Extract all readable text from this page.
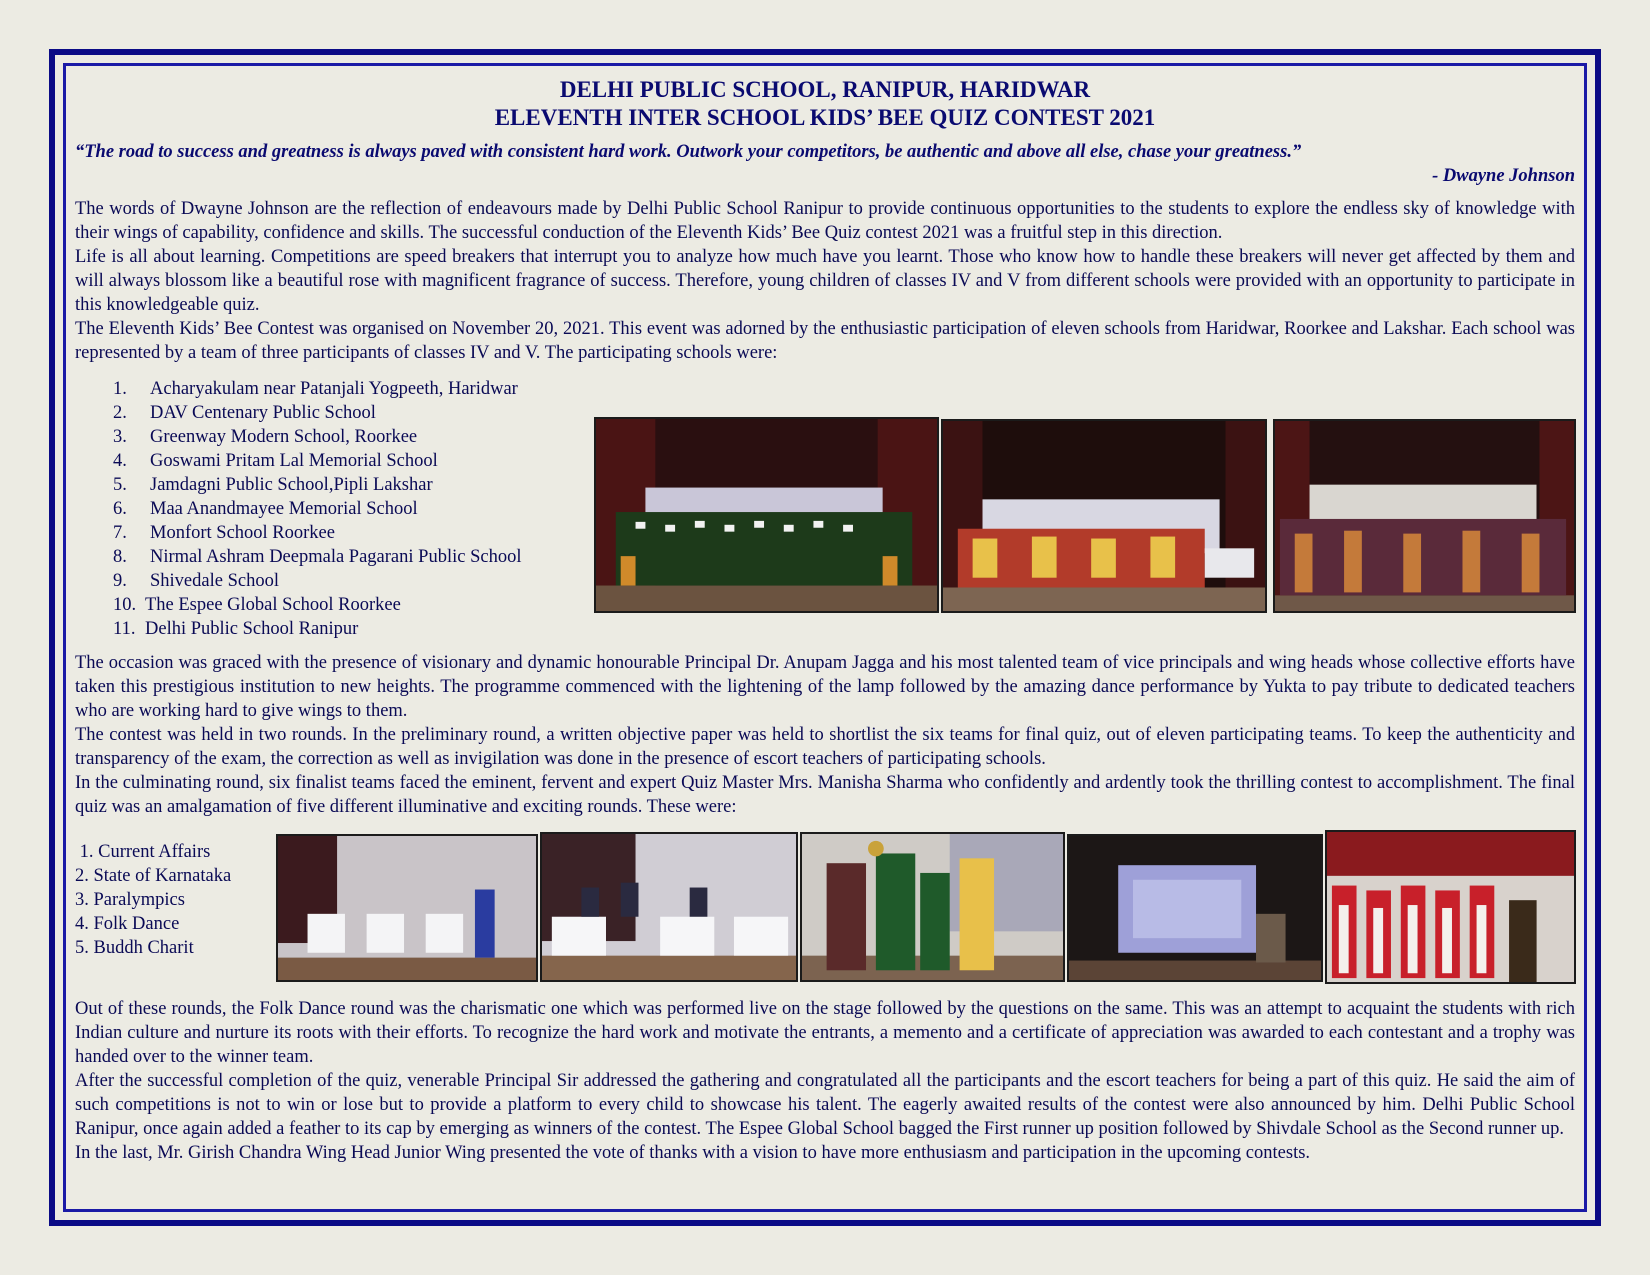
DELHI PUBLIC SCHOOL, RANIPUR, HARIDWAR
ELEVENTH INTER SCHOOL KIDS’ BEE QUIZ CONTEST 2021
“The road to success and greatness is always paved with consistent hard work. Outwork your competitors, be authentic and above all else, chase your greatness.”
- Dwayne Johnson

The words of Dwayne Johnson are the reflection of endeavours made by Delhi Public School Ranipur to provide continuous opportunities to the students to explore the endless sky of knowledge with their wings of capability, confidence and skills. The successful conduction of the Eleventh Kids’ Bee Quiz contest 2021 was a fruitful step in this direction.

Life is all about learning. Competitions are speed breakers that interrupt you to analyze how much have you learnt. Those who know how to handle these breakers will never get affected by them and will always blossom like a beautiful rose with magnificent fragrance of success. Therefore, young children of classes IV and V from different schools were provided with an opportunity to participate in this knowledgeable quiz.

The Eleventh Kids’ Bee Contest was organised on November 20, 2021. This event was adorned by the enthusiastic participation of eleven schools from Haridwar, Roorkee and Lakshar. Each school was represented by a team of three participants of classes IV and V. The participating schools were:

1. Acharyakulam near Patanjali Yogpeeth, Haridwar
2. DAV Centenary Public School
3. Greenway Modern School, Roorkee
4. Goswami Pritam Lal Memorial School
5. Jamdagni Public School,Pipli Lakshar
6. Maa Anandmayee Memorial School
7. Monfort School Roorkee
8. Nirmal Ashram Deepmala Pagarani Public School
9. Shivedale School
10. The Espee Global School Roorkee
11. Delhi Public School Ranipur

The occasion was graced with the presence of visionary and dynamic honourable Principal Dr. Anupam Jagga and his most talented team of vice principals and wing heads whose collective efforts have taken this prestigious institution to new heights. The programme commenced with the lightening of the lamp followed by the amazing dance performance by Yukta to pay tribute to dedicated teachers who are working hard to give wings to them.

The contest was held in two rounds. In the preliminary round, a written objective paper was held to shortlist the six teams for final quiz, out of eleven participating teams. To keep the authenticity and transparency of the exam, the correction as well as invigilation was done in the presence of escort teachers of participating schools.

In the culminating round, six finalist teams faced the eminent, fervent and expert Quiz Master Mrs. Manisha Sharma who confidently and ardently took the thrilling contest to accomplishment. The final quiz was an amalgamation of five different illuminative and exciting rounds. These were:

1. Current Affairs
2. State of Karnataka
3. Paralympics
4. Folk Dance
5. Buddh Charit

Out of these rounds, the Folk Dance round was the charismatic one which was performed live on the stage followed by the questions on the same. This was an attempt to acquaint the students with rich Indian culture and nurture its roots with their efforts. To recognize the hard work and motivate the entrants, a memento and a certificate of appreciation was awarded to each contestant and a trophy was handed over to the winner team.

After the successful completion of the quiz, venerable Principal Sir addressed the gathering and congratulated all the participants and the escort teachers for being a part of this quiz. He said the aim of such competitions is not to win or lose but to provide a platform to every child to showcase his talent. The eagerly awaited results of the contest were also announced by him. Delhi Public School Ranipur, once again added a feather to its cap by emerging as winners of the contest. The Espee Global School bagged the First runner up position followed by Shivdale School as the Second runner up.

In the last, Mr. Girish Chandra Wing Head Junior Wing presented the vote of thanks with a vision to have more enthusiasm and participation in the upcoming contests.
